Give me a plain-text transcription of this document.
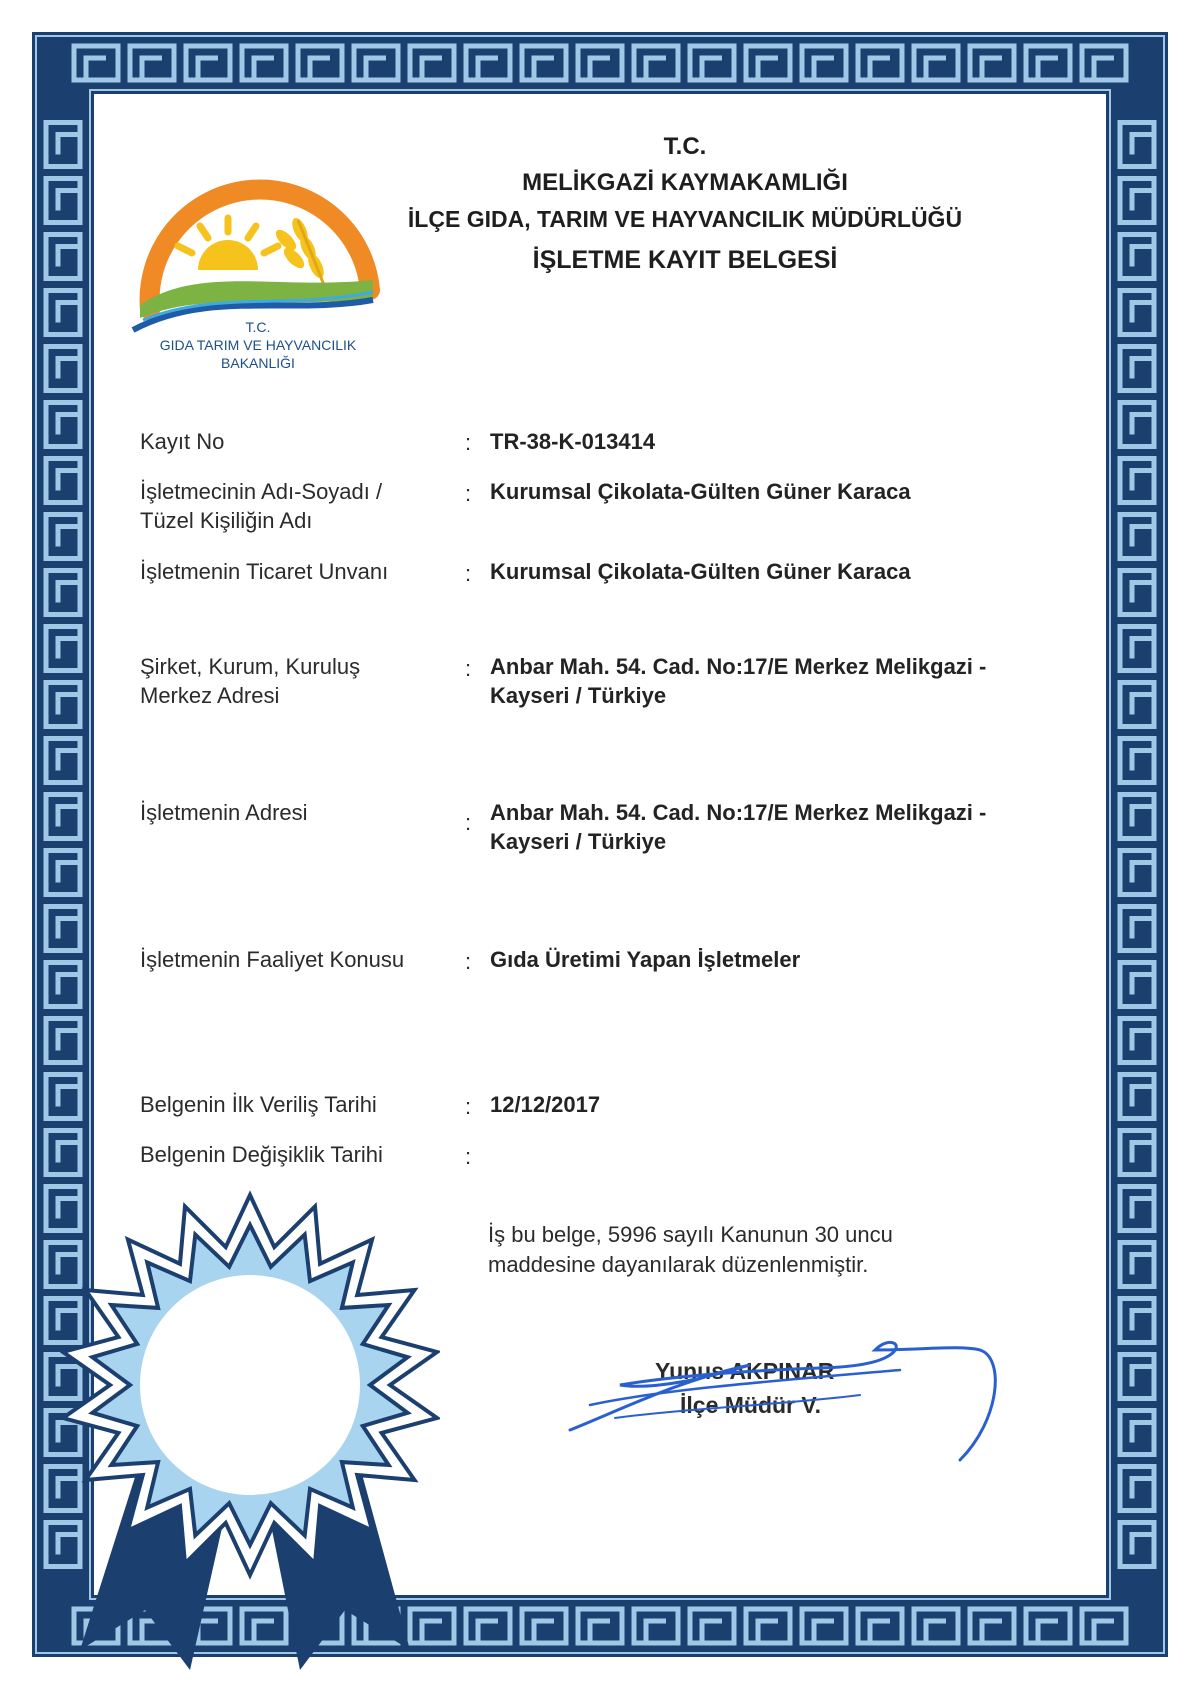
T.C.
GIDA TARIM VE HAYVANCILIK
BAKANLIĞI
T.C.
MELİKGAZİ KAYMAKAMLIĞI
İLÇE GIDA, TARIM VE HAYVANCILIK MÜDÜRLÜĞÜ
İŞLETME KAYIT BELGESİ
Kayıt No	: TR-38-K-013414
İşletmecinin Adı-Soyadı /
Tüzel Kişiliğin Adı
: Kurumsal Çikolata-Gülten Güner Karaca
İşletmenin Ticaret Unvanı	: Kurumsal Çikolata-Gülten Güner Karaca
Şirket, Kurum, Kuruluş
Merkez Adresi
: Anbar Mah. 54. Cad. No:17/E Merkez Melikgazi -
Kayseri / Türkiye
İşletmenin Adresi	: Anbar Mah. 54. Cad. No:17/E Merkez Melikgazi -
Kayseri / Türkiye
İşletmenin Faaliyet Konusu	: Gıda Üretimi Yapan İşletmeler
Belgenin İlk Veriliş Tarihi	: 12/12/2017
Belgenin Değişiklik Tarihi	:
İş bu belge, 5996 sayılı Kanunun 30 uncu
maddesine dayanılarak düzenlenmiştir.
Yunus AKPINAR
İlçe Müdür V.
